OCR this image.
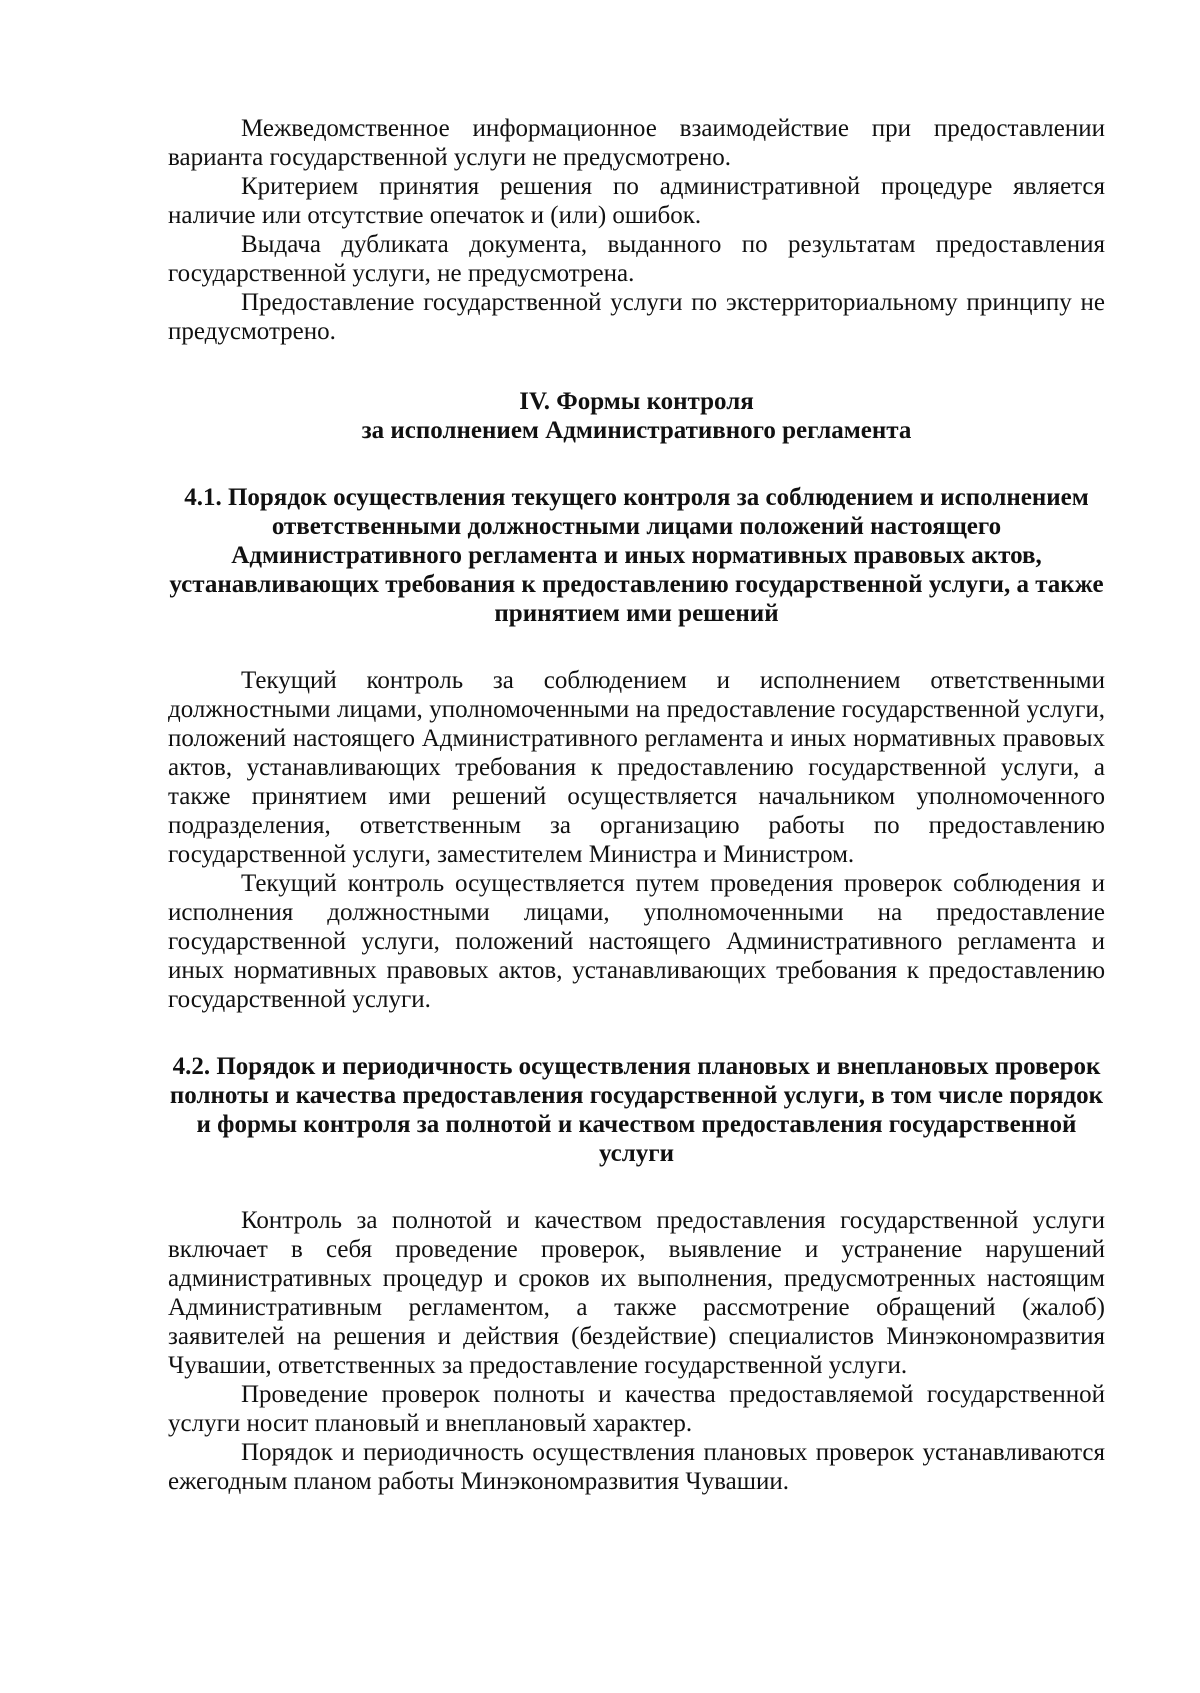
Межведомственное информационное взаимодействие при предоставлении варианта государственной услуги не предусмотрено.

Критерием принятия решения по административной процедуре является наличие или отсутствие опечаток и (или) ошибок.

Выдача дубликата документа, выданного по результатам предоставления государственной услуги, не предусмотрена.

Предоставление государственной услуги по экстерриториальному принципу не предусмотрено.

IV. Формы контроля

за исполнением Административного регламента

4.1. Порядок осуществления текущего контроля за соблюдением и исполнением ответственными должностными лицами положений настоящего Административного регламента и иных нормативных правовых актов, устанавливающих требования к предоставлению государственной услуги, а также принятием ими решений

Текущий контроль за соблюдением и исполнением ответственными должностными лицами, уполномоченными на предоставление государственной услуги, положений настоящего Административного регламента и иных нормативных правовых актов, устанавливающих требования к предоставлению государственной услуги, а также принятием ими решений осуществляется начальником уполномоченного подразделения, ответственным за организацию работы по предоставлению государственной услуги, заместителем Министра и Министром.

Текущий контроль осуществляется путем проведения проверок соблюдения и исполнения должностными лицами, уполномоченными на предоставление государственной услуги, положений настоящего Административного регламента и иных нормативных правовых актов, устанавливающих требования к предоставлению государственной услуги.

4.2. Порядок и периодичность осуществления плановых и внеплановых проверок полноты и качества предоставления государственной услуги, в том числе порядок и формы контроля за полнотой и качеством предоставления государственной услуги

Контроль за полнотой и качеством предоставления государственной услуги включает в себя проведение проверок, выявление и устранение нарушений административных процедур и сроков их выполнения, предусмотренных настоящим Административным регламентом, а также рассмотрение обращений (жалоб) заявителей на решения и действия (бездействие) специалистов Минэкономразвития Чувашии, ответственных за предоставление государственной услуги.

Проведение проверок полноты и качества предоставляемой государственной услуги носит плановый и внеплановый характер.

Порядок и периодичность осуществления плановых проверок устанавливаются ежегодным планом работы Минэкономразвития Чувашии.
